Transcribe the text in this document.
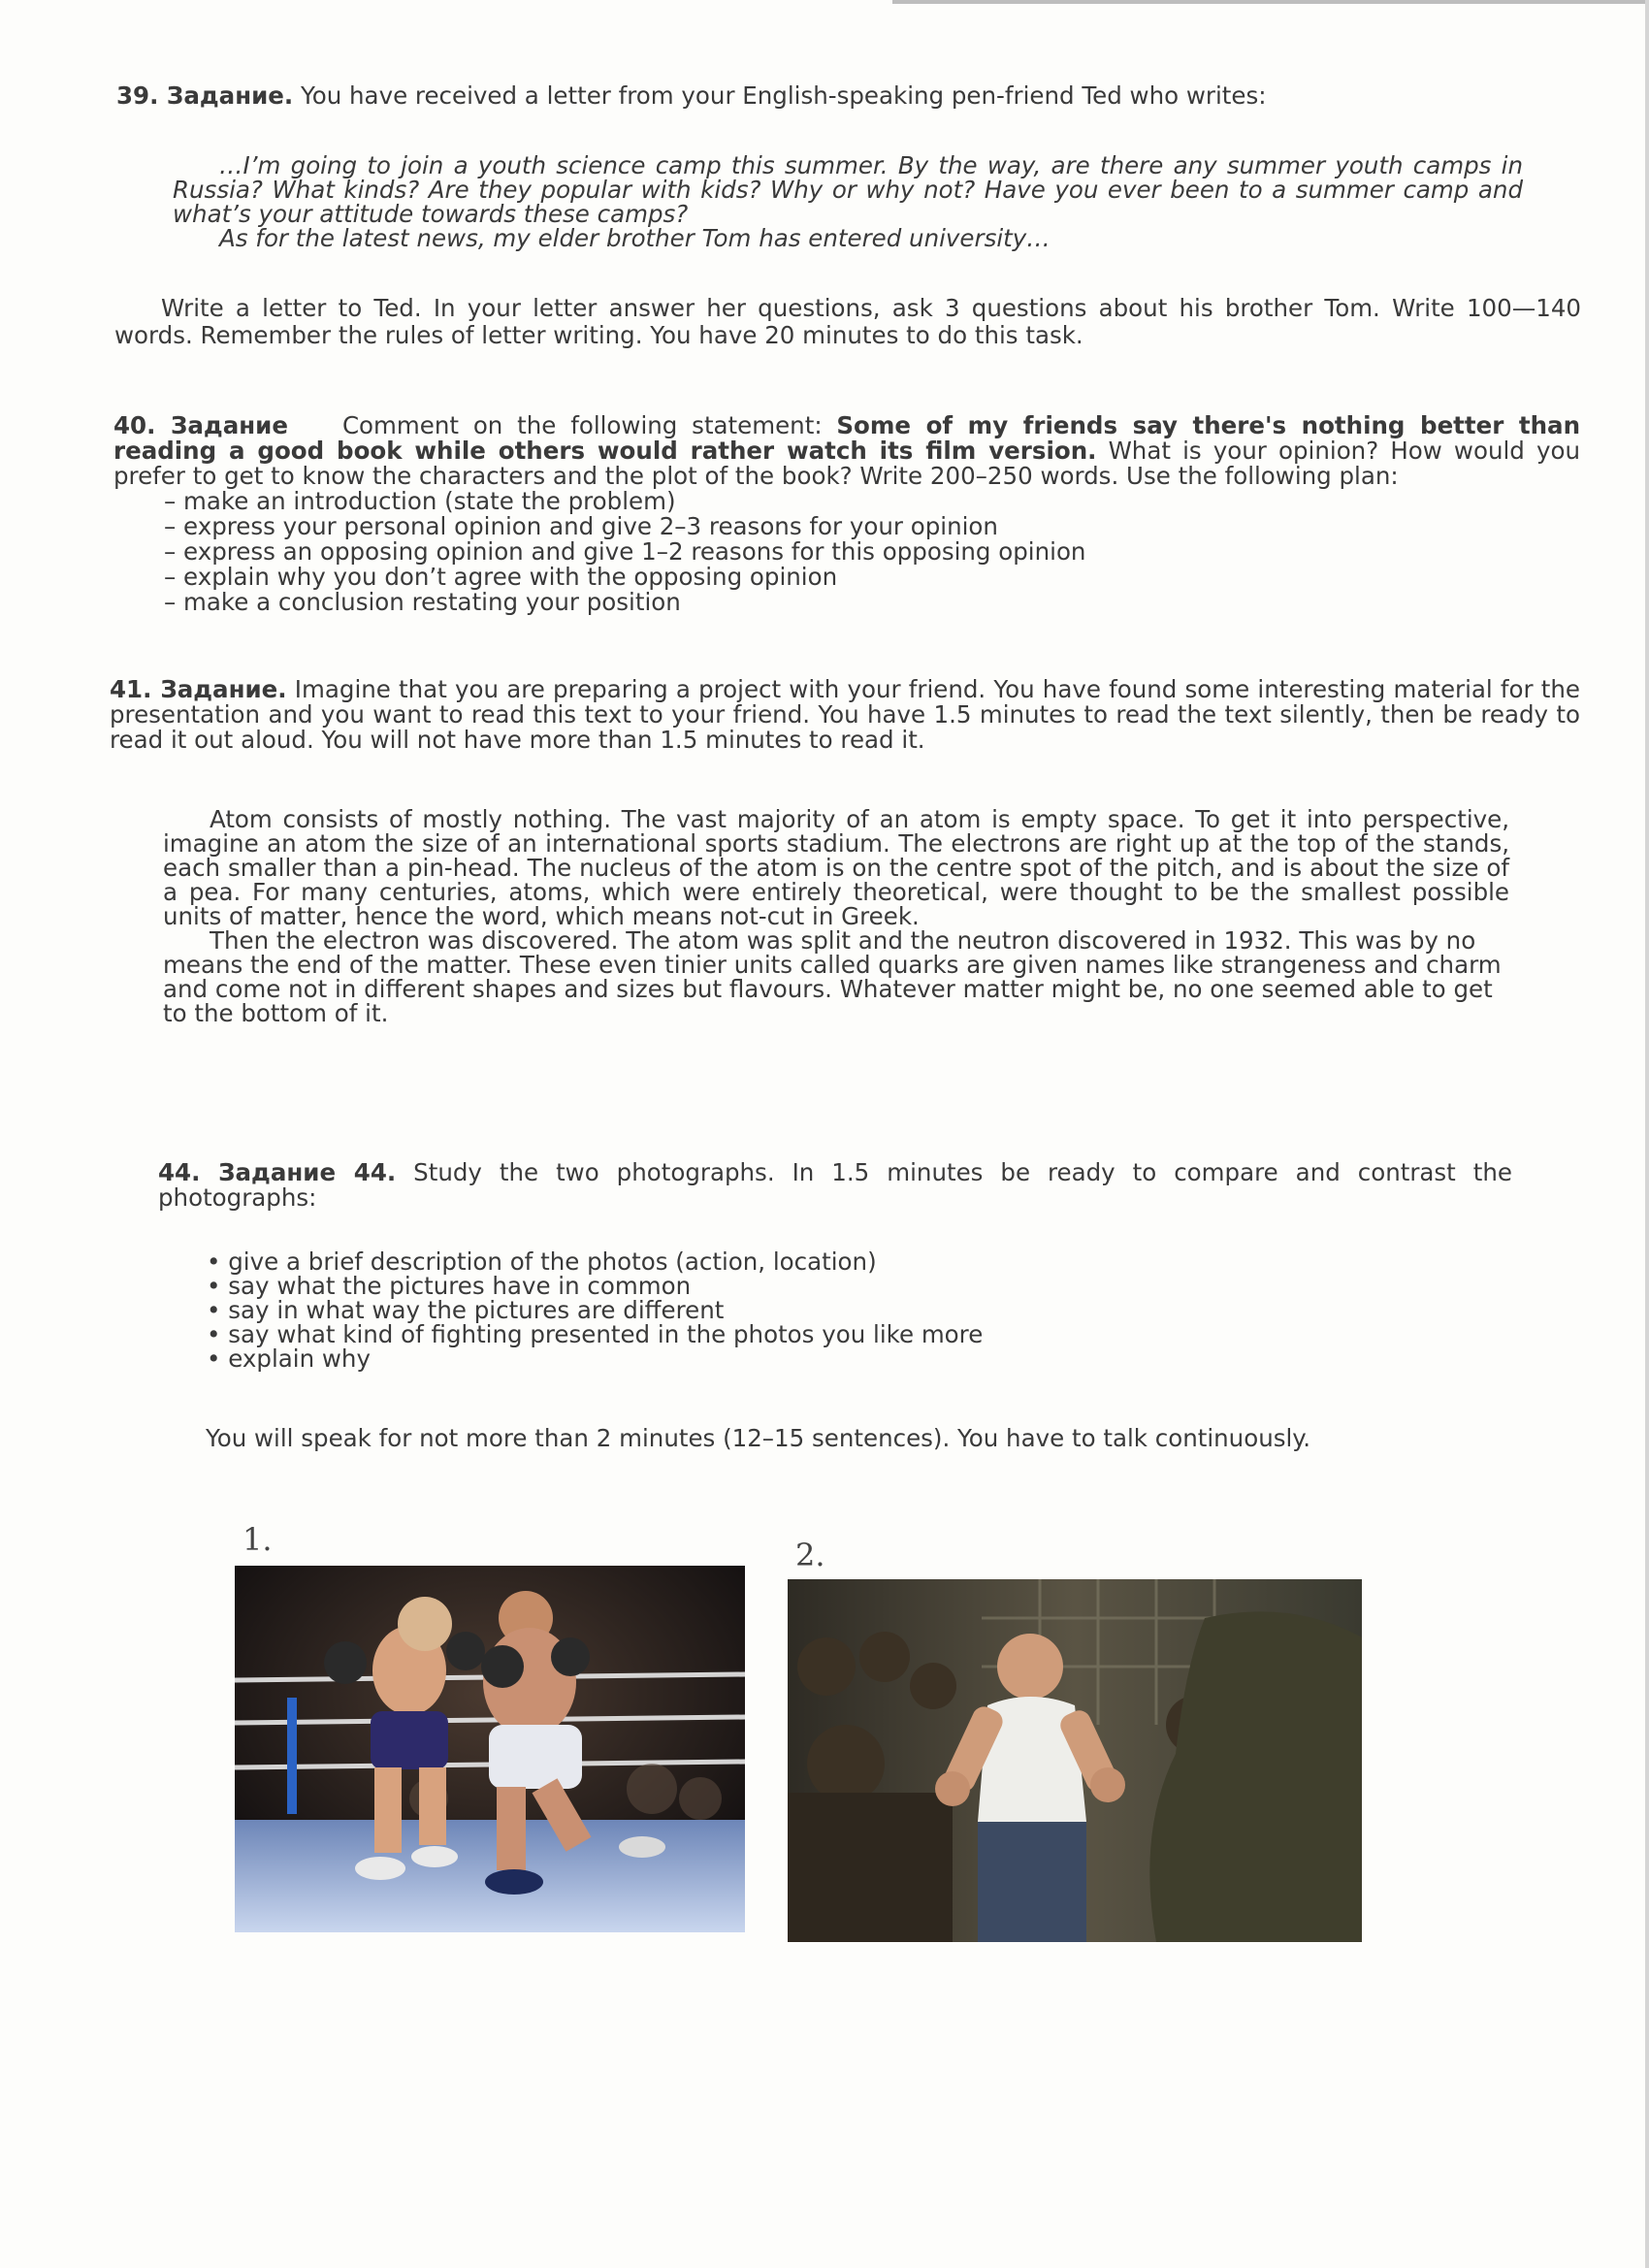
39. Задание. You have received a letter from your English-speaking pen-friend Ted who writes:

…I’m going to join a youth science camp this summer. By the way, are there any summer youth camps in Russia? What kinds? Are they popular with kids? Why or why not? Have you ever been to a summer camp and what’s your attitude towards these camps?

As for the latest news, my elder brother Tom has entered university…

Write a letter to Ted. In your letter answer her questions, ask 3 questions about his brother Tom. Write 100—140 words. Remember the rules of letter writing. You have 20 minutes to do this task.

40. Задание Comment on the following statement: Some of my friends say there's nothing better than reading a good book while others would rather watch its film version. What is your opinion? How would you prefer to get to know the characters and the plot of the book? Write 200–250 words. Use the following plan:

– make an introduction (state the problem)
– express your personal opinion and give 2–3 reasons for your opinion
– express an opposing opinion and give 1–2 reasons for this opposing opinion
– explain why you don’t agree with the opposing opinion
– make a conclusion restating your position

41. Задание. Imagine that you are preparing a project with your friend. You have found some interesting material for the presentation and you want to read this text to your friend. You have 1.5 minutes to read the text silently, then be ready to read it out aloud. You will not have more than 1.5 minutes to read it.

Atom consists of mostly nothing. The vast majority of an atom is empty space. To get it into perspective, imagine an atom the size of an international sports stadium. The electrons are right up at the top of the stands, each smaller than a pin-head. The nucleus of the atom is on the centre spot of the pitch, and is about the size of a pea. For many centuries, atoms, which were entirely theoretical, were thought to be the smallest possible units of matter, hence the word, which means not-cut in Greek.

Then the electron was discovered. The atom was split and the neutron discovered in 1932. This was by no means the end of the matter. These even tinier units called quarks are given names like strangeness and charm and come not in different shapes and sizes but flavours. Whatever matter might be, no one seemed able to get to the bottom of it.

44. Задание 44. Study the two photographs. In 1.5 minutes be ready to compare and contrast the photographs:

• give a brief description of the photos (action, location)
• say what the pictures have in common
• say in what way the pictures are different
• say what kind of fighting presented in the photos you like more
• explain why

You will speak for not more than 2 minutes (12–15 sentences). You have to talk continuously.

1.	2.
